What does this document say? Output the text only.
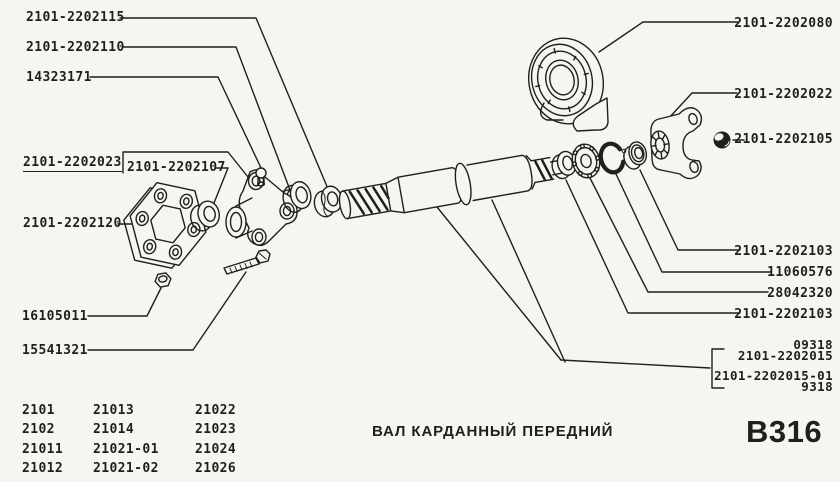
2101-2202115
2101-2202110
14323171
2101-2202023 2101-2202107
2101-2202120
16105011
15541321
2101-2202080
2101-2202022
2101-2202105
2101-2202103
11060576
28042320
2101-2202103
09318
2101-2202015
2101-2202015-01
9318
2101
2102
21011
21012
21013
21014
21021-01
21021-02
21022
21023
21024
21026
ВАЛ КАРДАННЫЙ ПЕРЕДНИЙ	B316
